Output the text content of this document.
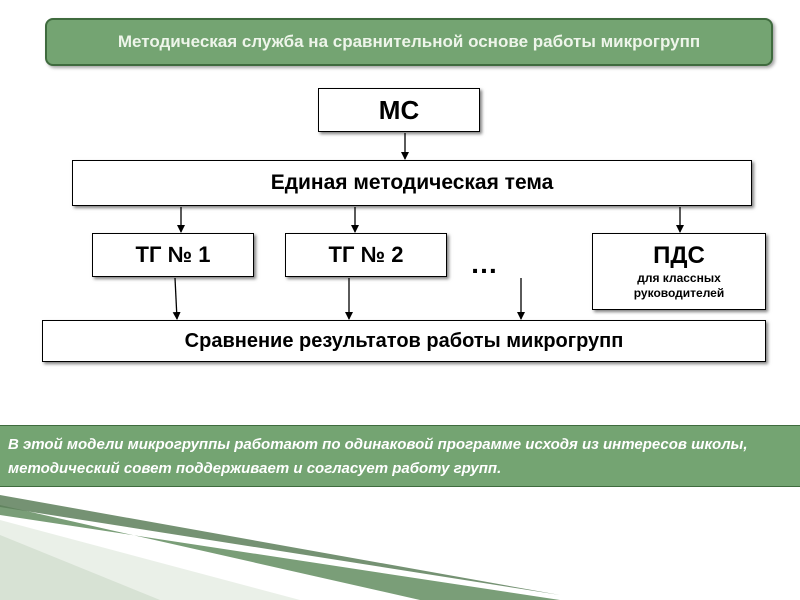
Методическая служба на сравнительной основе работы микрогрупп
МС
Единая методическая тема
ТГ № 1	ТГ № 2 …	ПДС
для классных
руководителей
Сравнение результатов работы микрогрупп
В этой модели микрогруппы работают по одинаковой программе исходя из интересов школы, методический совет поддерживает и согласует работу групп.
